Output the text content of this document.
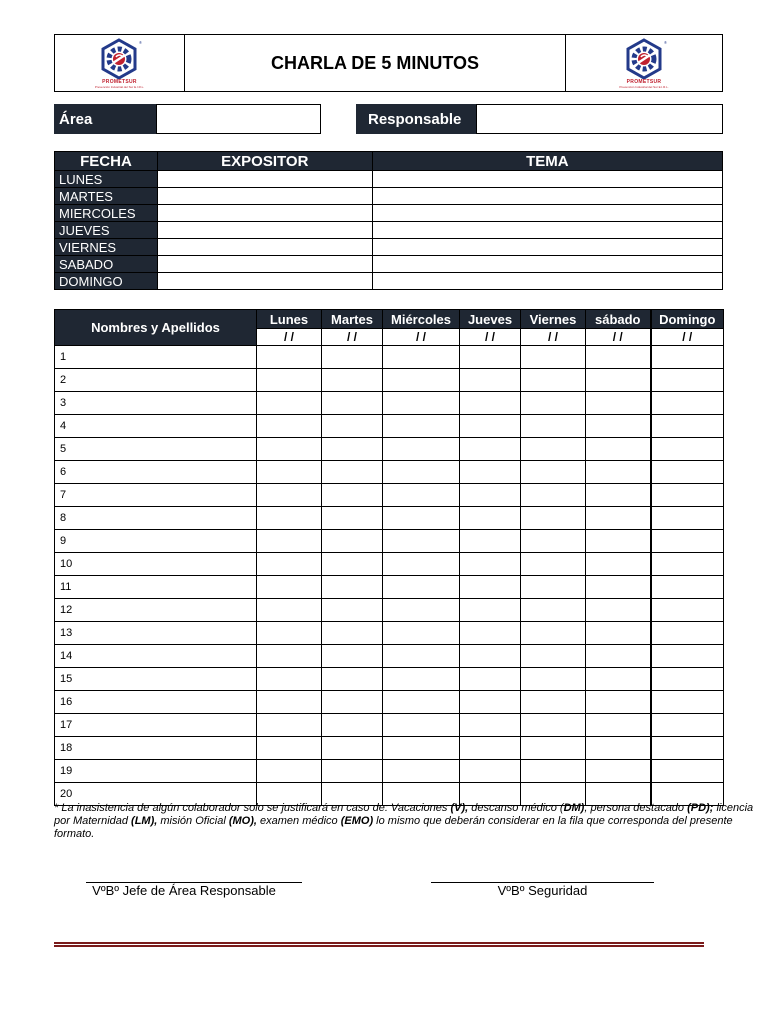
®
PROMETSUR
Prevención Industrial del Sur E.I.R.L.
CHARLA DE 5 MINUTOS
®
PROMETSUR
Prevención Industrial del Sur E.I.R.L.
Área	Responsable
FECHA	EXPOSITOR	TEMA
LUNES		
MARTES		
MIERCOLES		
JUEVES		
VIERNES		
SABADO		
DOMINGO		
Nombres y Apellidos	Lunes	Martes	Miércoles	Jueves	Viernes	sábado	Domingo
	/ /	/ /	/ /	/ /	/ /	/ /	/ /
1							
2							
3							
4							
5							
6							
7							
8							
9							
10							
11							
12							
13							
14							
15							
16							
17							
18							
19							
20							
* La inasistencia de algún colaborador solo se justificará en caso de: Vacaciones (V), descanso médico (DM), persona destacado (PD); licencia por Maternidad (LM), misión Oficial (MO), examen médico (EMO) lo mismo que deberán considerar en la fila que corresponda del presente formato.
VºBº Jefe de Área Responsable	VºBº Seguridad
